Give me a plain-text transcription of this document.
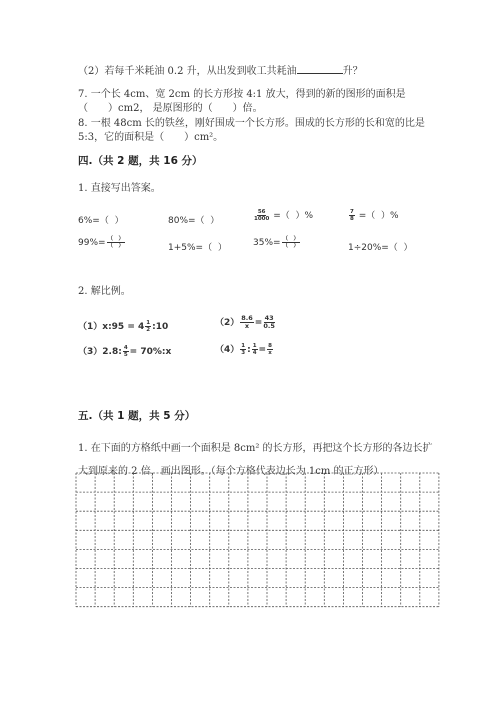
（2）若每千米耗油 0.2 升，从出发到收工共耗油	升？
7. 一个长 4cm、宽 2cm 的长方形按 4:1 放大，得到的新的图形的面积是
（　　）cm2， 是原图形的（　　）倍。
8. 一根 48cm 长的铁丝，刚好围成一个长方形。围成的长方形的长和宽的比是
5:3，它的面积是（　　）cm²。
四.（共 2 题，共 16 分）
1. 直接写出答案。
6%=（ ）	80%=（ ）	$\frac{56}{1000}$ =（ ）%	$\frac{7}{8}$ =（ ）%
$99\%= \frac{( )}{( )}$	1+5%=（ ）	$35\%= \frac{( )}{( )}$	1÷20%=（ ）
2. 解比例。
（1）x:95 = $4 \frac{1}{2}$ :10	$(2) \frac{8.6}{x} = \frac{43}{0.5}$
（3）2.8: $\frac{4}{5}$ = 70%:x	$(4) \frac{1}{3}$ : $\frac{1}{4} = \frac{8}{x}$
五.（共 1 题，共 5 分）
1. 在下面的方格纸中画一个面积是 8cm² 的长方形，再把这个长方形的各边长扩
大到原来的 2 倍，画出图形。（每个方格代表边长为 1cm 的正方形）
